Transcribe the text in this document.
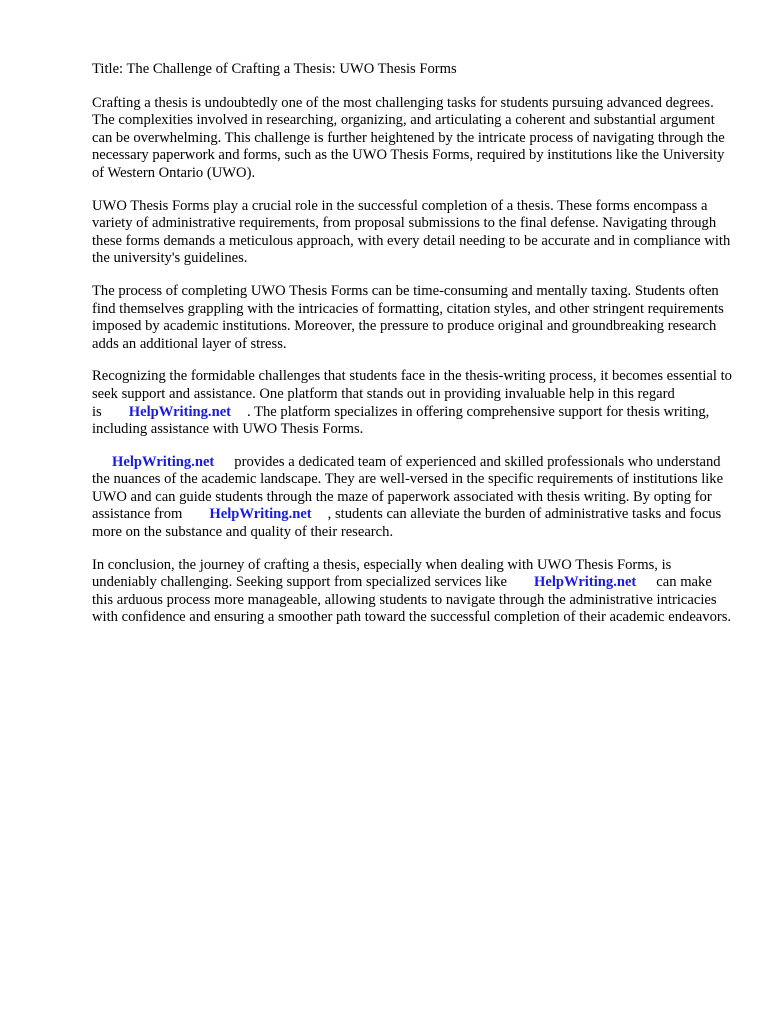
Title: The Challenge of Crafting a Thesis: UWO Thesis Forms

Crafting a thesis is undoubtedly one of the most challenging tasks for students pursuing advanced degrees. The complexities involved in researching, organizing, and articulating a coherent and substantial argument can be overwhelming. This challenge is further heightened by the intricate process of navigating through the necessary paperwork and forms, such as the UWO Thesis Forms, required by institutions like the University of Western Ontario (UWO).

UWO Thesis Forms play a crucial role in the successful completion of a thesis. These forms encompass a variety of administrative requirements, from proposal submissions to the final defense. Navigating through these forms demands a meticulous approach, with every detail needing to be accurate and in compliance with the university's guidelines.

The process of completing UWO Thesis Forms can be time-consuming and mentally taxing. Students often find themselves grappling with the intricacies of formatting, citation styles, and other stringent requirements imposed by academic institutions. Moreover, the pressure to produce original and groundbreaking research adds an additional layer of stress.

Recognizing the formidable challenges that students face in the thesis-writing process, it becomes essential to seek support and assistance. One platform that stands out in providing invaluable help in this regard is HelpWriting.net . The platform specializes in offering comprehensive support for thesis writing, including assistance with UWO Thesis Forms.

HelpWriting.net provides a dedicated team of experienced and skilled professionals who understand the nuances of the academic landscape. They are well-versed in the specific requirements of institutions like UWO and can guide students through the maze of paperwork associated with thesis writing. By opting for assistance from HelpWriting.net , students can alleviate the burden of administrative tasks and focus more on the substance and quality of their research.

In conclusion, the journey of crafting a thesis, especially when dealing with UWO Thesis Forms, is undeniably challenging. Seeking support from specialized services like HelpWriting.net can make this arduous process more manageable, allowing students to navigate through the administrative intricacies with confidence and ensuring a smoother path toward the successful completion of their academic endeavors.
